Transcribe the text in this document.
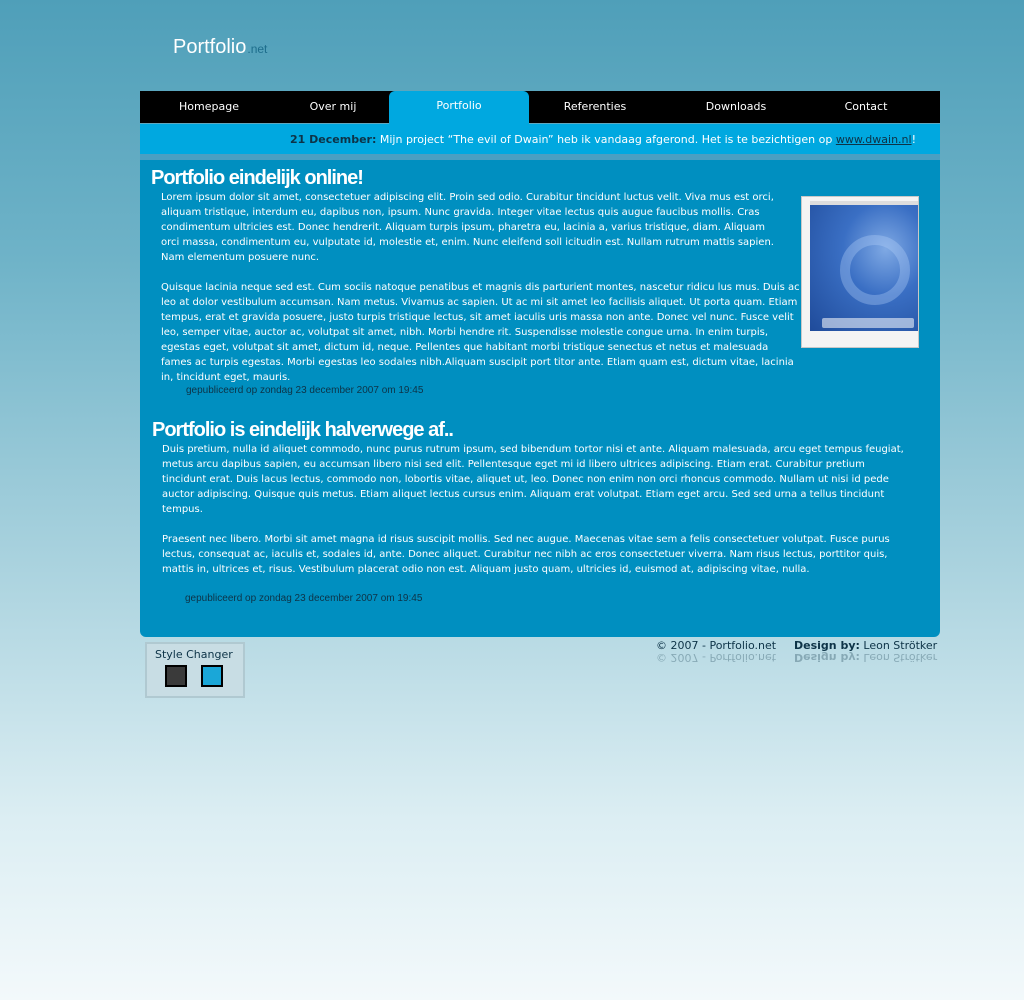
Portfolio.net
Homepage	Over mij	Portfolio	Referenties	Downloads	Contact
21 December: Mijn project “The evil of Dwain” heb ik vandaag afgerond. Het is te bezichtigen op www.dwain.nl!
Portfolio eindelijk online!

Lorem ipsum dolor sit amet, consectetuer adipiscing elit. Proin sed odio. Curabitur tincidunt luctus velit. Viva mus est orci, aliquam tristique, interdum eu, dapibus non, ipsum. Nunc gravida. Integer vitae lectus quis augue faucibus mollis. Cras condimentum ultricies est. Donec hendrerit. Aliquam turpis ipsum, pharetra eu, lacinia a, varius tristique, diam. Aliquam orci massa, condimentum eu, vulputate id, molestie et, enim. Nunc eleifend soll icitudin est. Nullam rutrum mattis sapien. Nam elementum posuere nunc.

Quisque lacinia neque sed est. Cum sociis natoque penatibus et magnis dis parturient montes, nascetur ridicu lus mus. Duis ac leo at dolor vestibulum accumsan. Nam metus. Vivamus ac sapien. Ut ac mi sit amet leo facilisis aliquet. Ut porta quam. Etiam tempus, erat et gravida posuere, justo turpis tristique lectus, sit amet iaculis uris massa non ante. Donec vel nunc. Fusce velit leo, semper vitae, auctor ac, volutpat sit amet, nibh. Morbi hendre rit. Suspendisse molestie congue urna. In enim turpis, egestas eget, volutpat sit amet, dictum id, neque. Pellentes que habitant morbi tristique senectus et netus et malesuada fames ac turpis egestas. Morbi egestas leo sodales nibh.Aliquam suscipit port titor ante. Etiam quam est, dictum vitae, lacinia in, tincidunt eget, mauris.

gepubliceerd op zondag 23 december 2007 om 19:45
Portfolio is eindelijk halverwege af..

Duis pretium, nulla id aliquet commodo, nunc purus rutrum ipsum, sed bibendum tortor nisi et ante. Aliquam malesuada, arcu eget tempus feugiat, metus arcu dapibus sapien, eu accumsan libero nisi sed elit. Pellentesque eget mi id libero ultrices adipiscing. Etiam erat. Curabitur pretium tincidunt erat. Duis lacus lectus, commodo non, lobortis vitae, aliquet ut, leo. Donec non enim non orci rhoncus commodo. Nullam ut nisi id pede auctor adipiscing. Quisque quis metus. Etiam aliquet lectus cursus enim. Aliquam erat volutpat. Etiam eget arcu. Sed sed urna a tellus tincidunt tempus.

Praesent nec libero. Morbi sit amet magna id risus suscipit mollis. Sed nec augue. Maecenas vitae sem a felis consectetuer volutpat. Fusce purus lectus, consequat ac, iaculis et, sodales id, ante. Donec aliquet. Curabitur nec nibh ac eros consectetuer viverra. Nam risus lectus, porttitor quis, mattis in, ultrices et, risus. Vestibulum placerat odio non est. Aliquam justo quam, ultricies id, euismod at, adipiscing vitae, nulla.

gepubliceerd op zondag 23 december 2007 om 19:45
© 2007 - Portfolio.net Design by: Leon Strötker
© 2007 - Portfolio.net Design by: Leon Strötker
Style Changer
